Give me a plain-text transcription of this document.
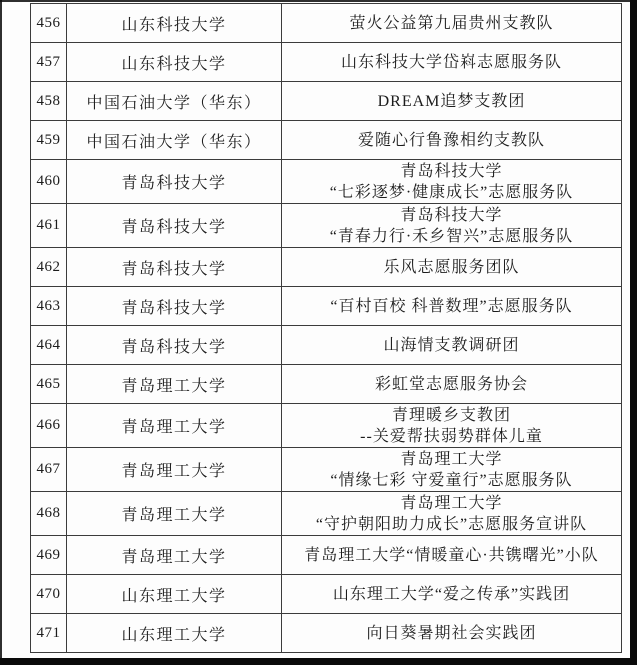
456	山东科技大学	萤火公益第九届贵州支教队

457	山东科技大学	山东科技大学岱嵙志愿服务队

458	中国石油大学（华东）	DREAM追梦支教团

459	中国石油大学（华东）	爱随心行鲁豫相约支教队

460	青岛科技大学	青岛科技大学
“七彩逐梦·健康成长”志愿服务队

461	青岛科技大学	青岛科技大学
“青春力行·禾乡智兴”志愿服务队

462	青岛科技大学	乐风志愿服务团队

463	青岛科技大学	“百村百校 科普数理”志愿服务队

464	青岛科技大学	山海情支教调研团

465	青岛理工大学	彩虹堂志愿服务协会

466	青岛理工大学	青理暖乡支教团
--关爱帮扶弱势群体儿童

467	青岛理工大学	青岛理工大学
“情缘七彩 守爱童行”志愿服务队

468	青岛理工大学	青岛理工大学
“守护朝阳助力成长”志愿服务宣讲队

469	青岛理工大学	青岛理工大学“情暖童心·共镌曙光”小队

470	山东理工大学	山东理工大学“爱之传承”实践团

471	山东理工大学	向日葵暑期社会实践团
